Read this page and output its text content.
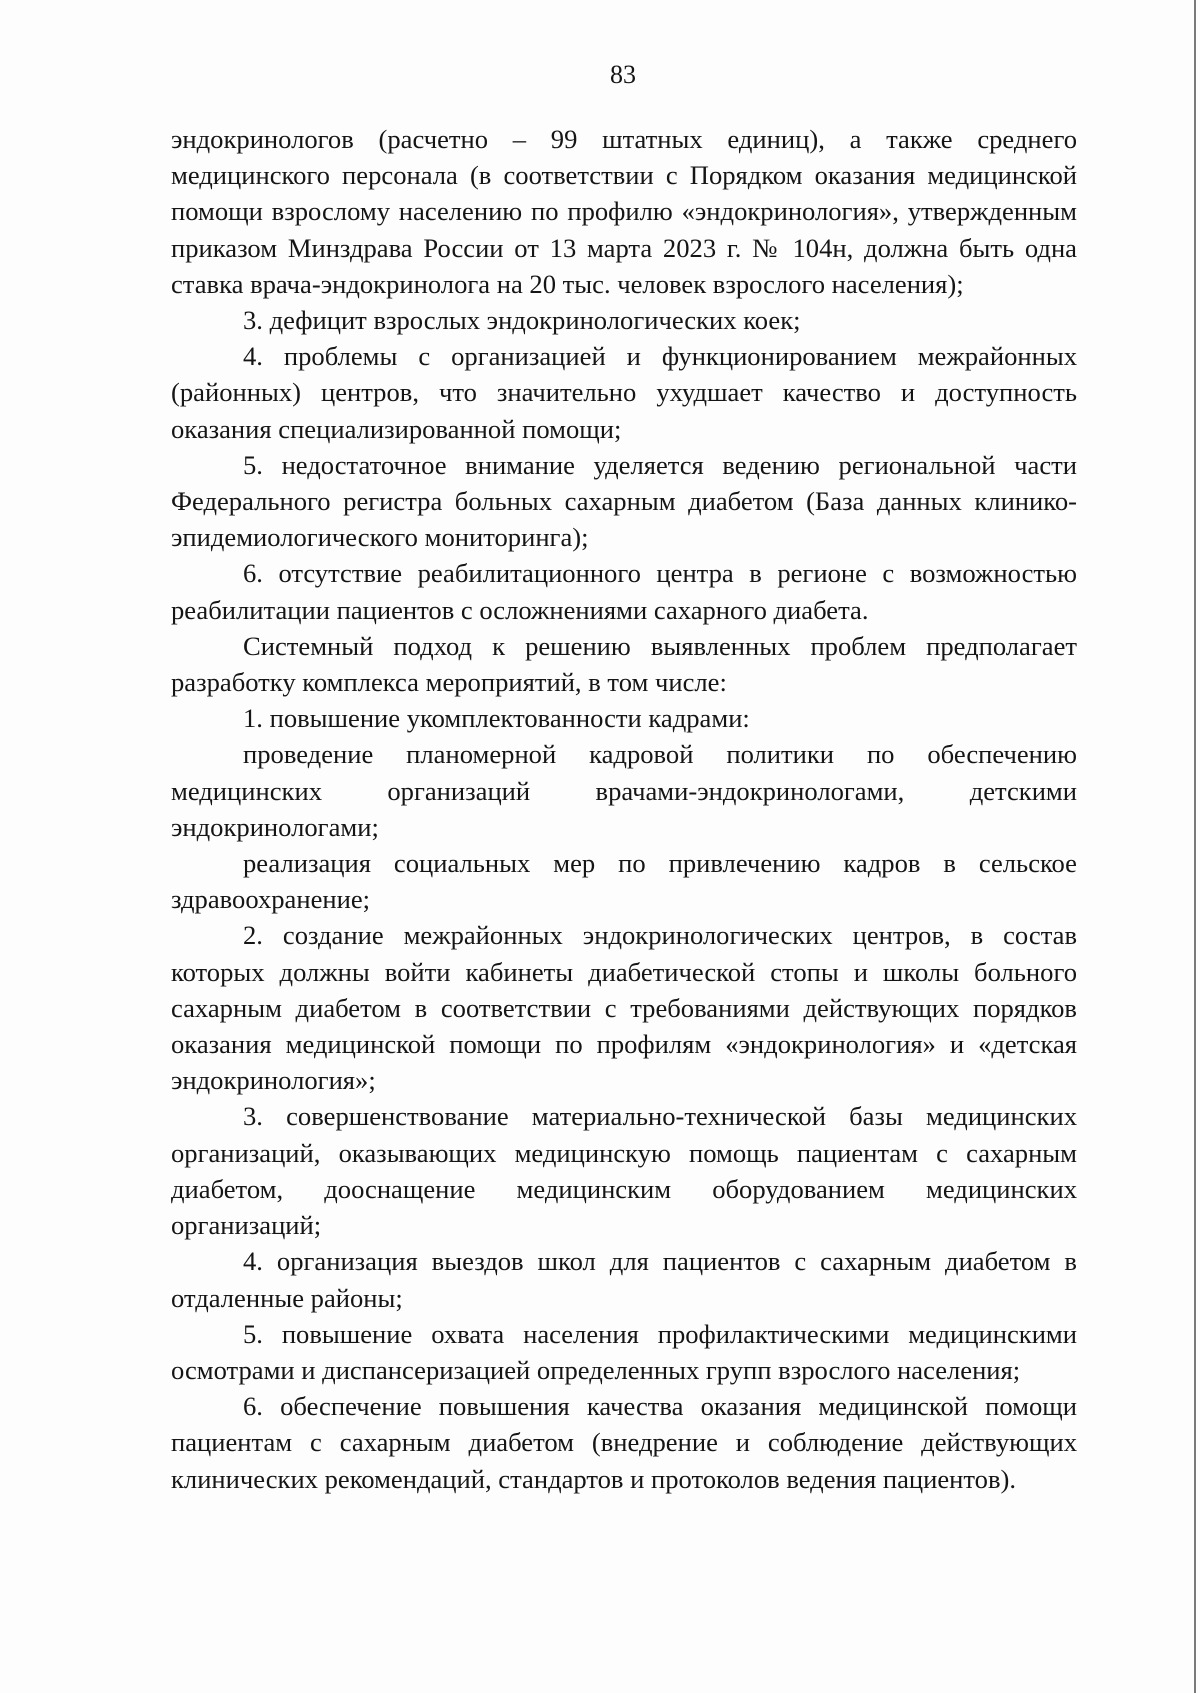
83

эндокринологов (расчетно – 99 штатных единиц), а также среднего медицинского персонала (в соответствии с Порядком оказания медицинской помощи взрослому населению по профилю «эндокринология», утвержденным приказом Минздрава России от 13 марта 2023 г. № 104н, должна быть одна ставка врача-эндокринолога на 20 тыс. человек взрослого населения);

3. дефицит взрослых эндокринологических коек;

4. проблемы с организацией и функционированием межрайонных (районных) центров, что значительно ухудшает качество и доступность оказания специализированной помощи;

5. недостаточное внимание уделяется ведению региональной части Федерального регистра больных сахарным диабетом (База данных клинико-эпидемиологического мониторинга);

6. отсутствие реабилитационного центра в регионе с возможностью реабилитации пациентов с осложнениями сахарного диабета.

Системный подход к решению выявленных проблем предполагает разработку комплекса мероприятий, в том числе:

1. повышение укомплектованности кадрами:

проведение планомерной кадровой политики по обеспечению медицинских организаций врачами-эндокринологами, детскими эндокринологами;

реализация социальных мер по привлечению кадров в сельское здравоохранение;

2. создание межрайонных эндокринологических центров, в состав которых должны войти кабинеты диабетической стопы и школы больного сахарным диабетом в соответствии с требованиями действующих порядков оказания медицинской помощи по профилям «эндокринология» и «детская эндокринология»;

3. совершенствование материально-технической базы медицинских организаций, оказывающих медицинскую помощь пациентам с сахарным диабетом, дооснащение медицинским оборудованием медицинских организаций;

4. организация выездов школ для пациентов с сахарным диабетом в отдаленные районы;

5. повышение охвата населения профилактическими медицинскими осмотрами и диспансеризацией определенных групп взрослого населения;

6. обеспечение повышения качества оказания медицинской помощи пациентам с сахарным диабетом (внедрение и соблюдение действующих клинических рекомендаций, стандартов и протоколов ведения пациентов).
